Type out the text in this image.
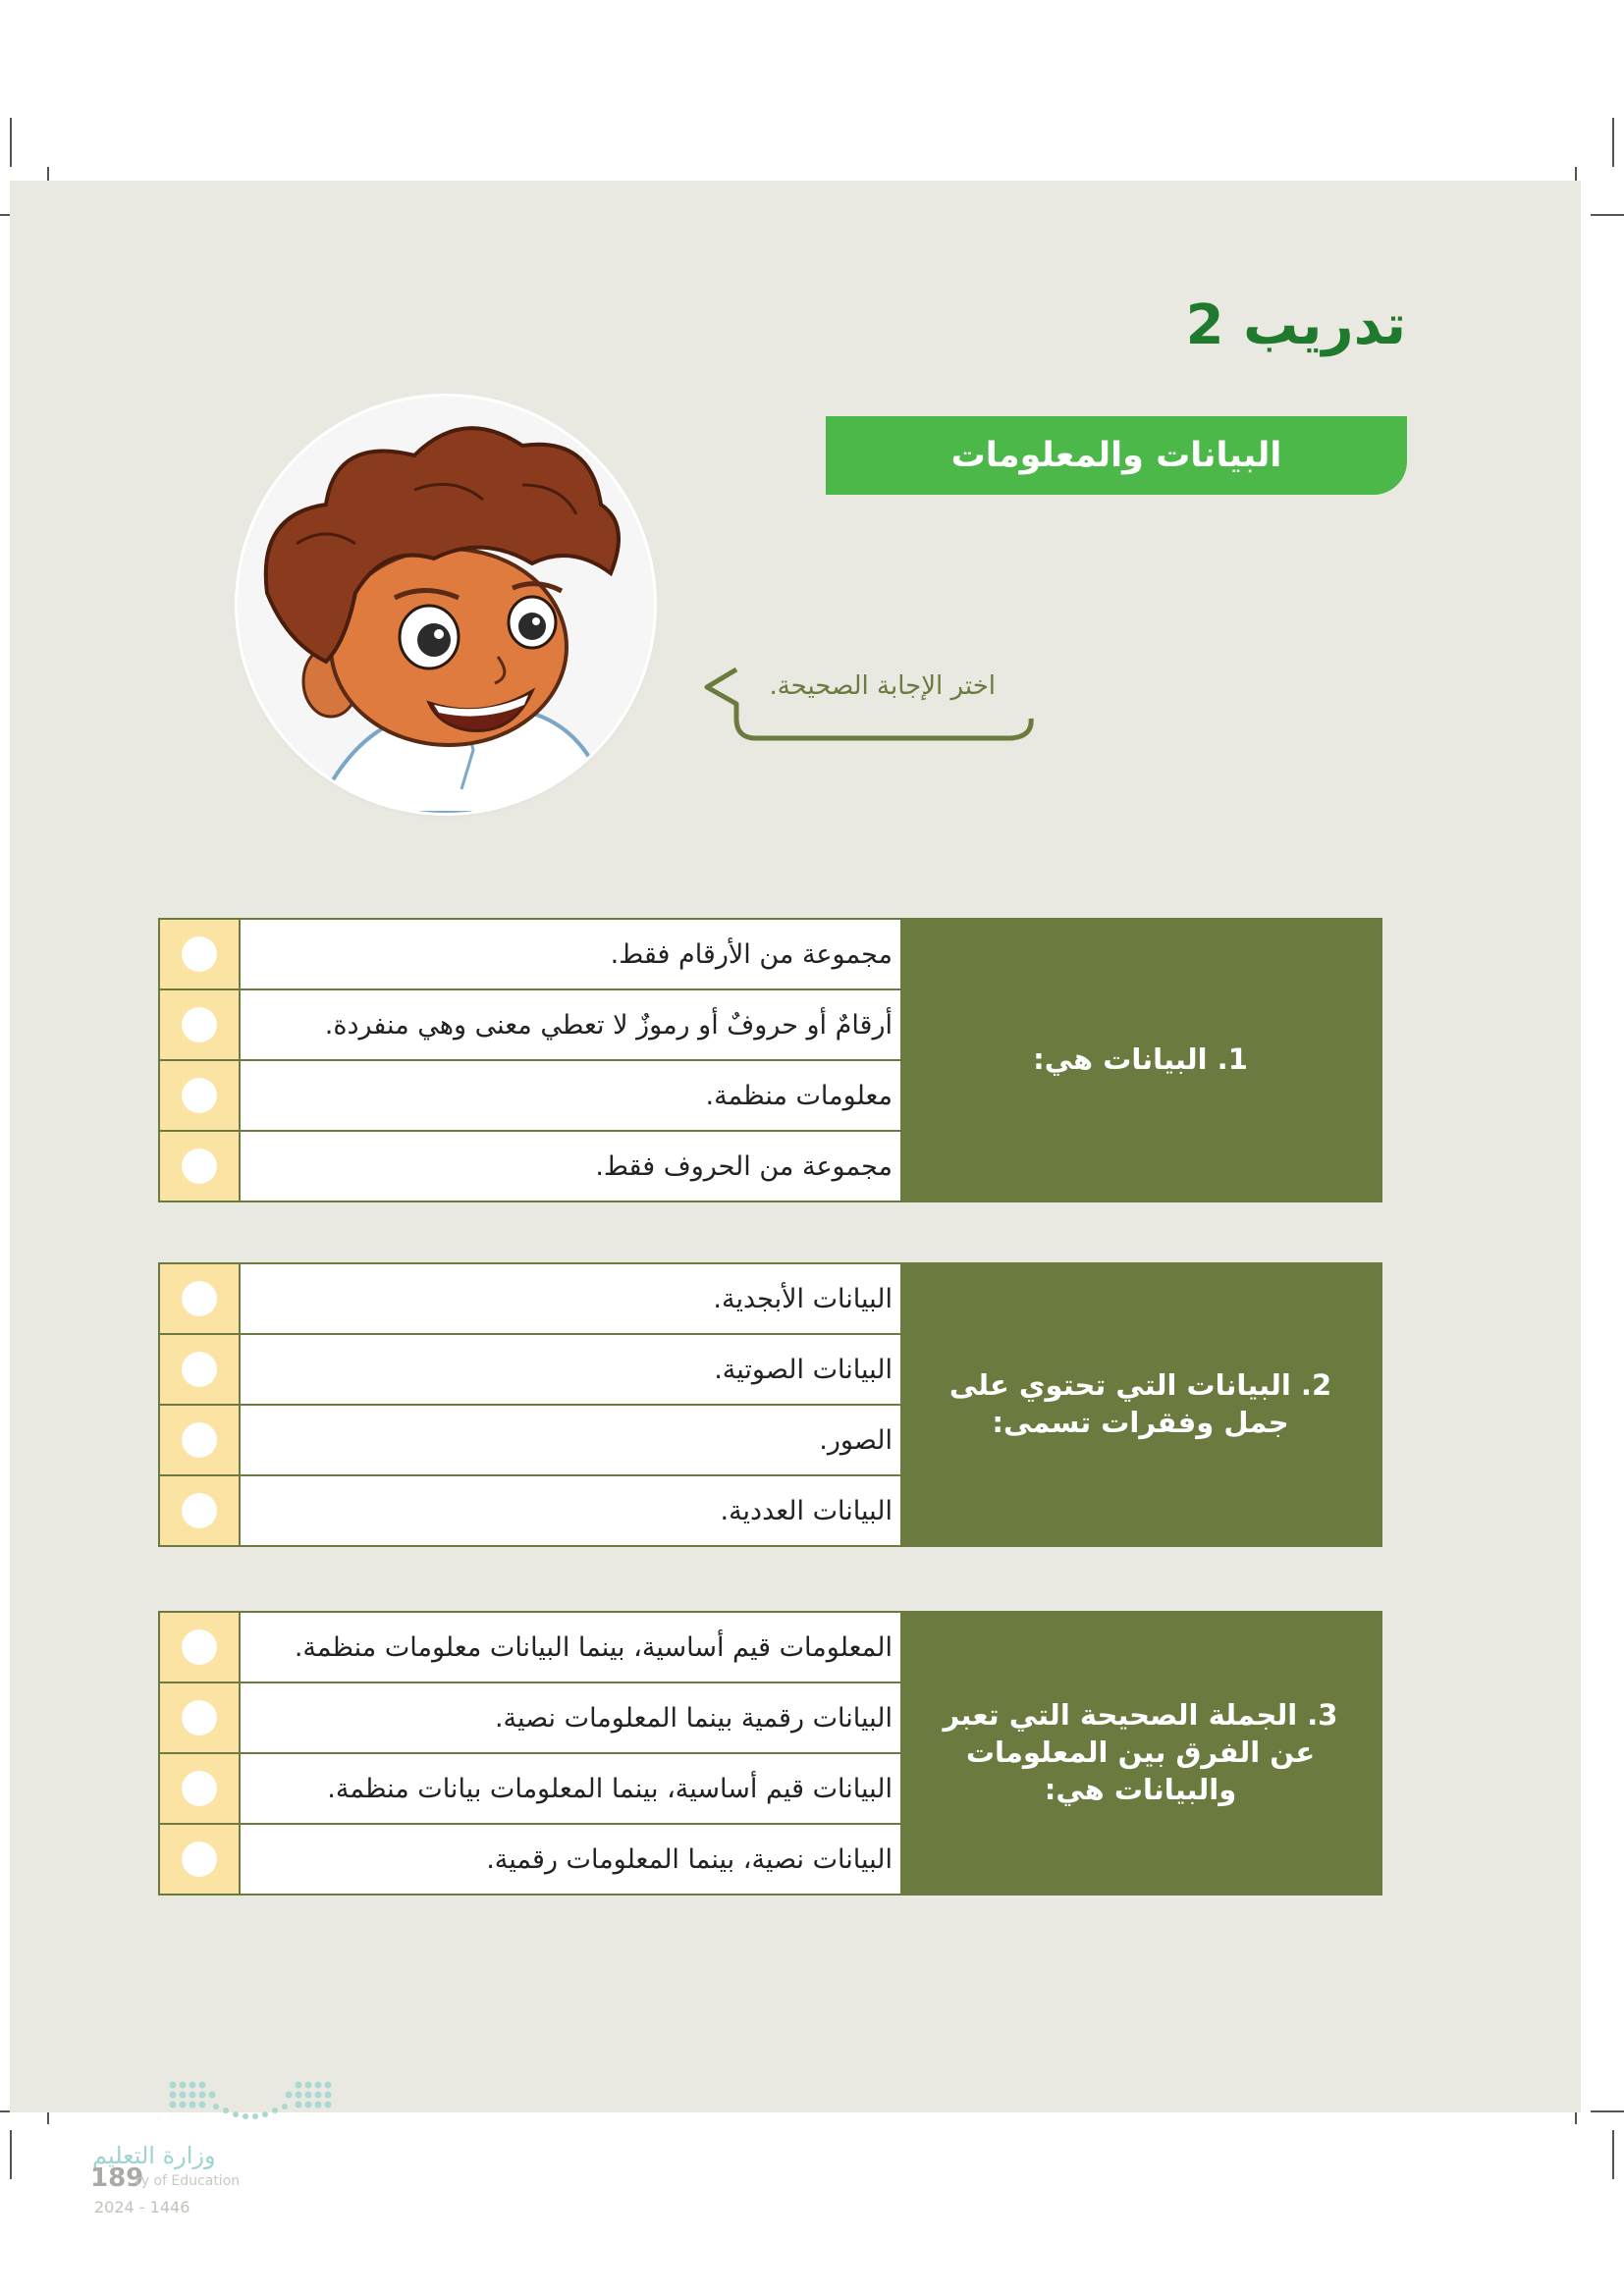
تدريب 2
البيانات والمعلومات
اختر الإجابة الصحيحة.
1. البيانات هي:
مجموعة من الأرقام فقط.
أرقامٌ أو حروفٌ أو رموزٌ لا تعطي معنى وهي منفردة.
معلومات منظمة.
مجموعة من الحروف فقط.
2. البيانات التي تحتوي على جمل وفقرات تسمى:
البيانات الأبجدية.
البيانات الصوتية.
الصور.
البيانات العددية.
3. الجملة الصحيحة التي تعبر عن الفرق بين المعلومات والبيانات هي:
المعلومات قيم أساسية، بينما البيانات معلومات منظمة.
البيانات رقمية بينما المعلومات نصية.
البيانات قيم أساسية، بينما المعلومات بيانات منظمة.
البيانات نصية، بينما المعلومات رقمية.
وزارة التعليم
189
ry of Education
2024 - 1446
